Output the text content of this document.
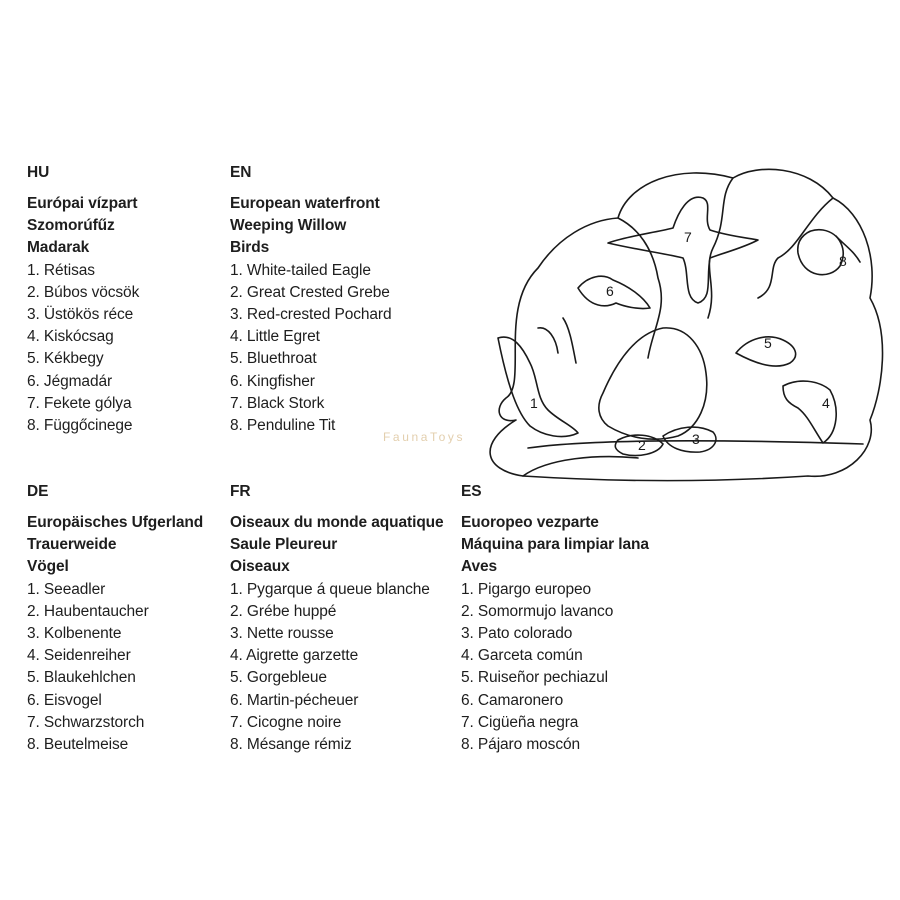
HU
Európai vízpart
Szomorúfűz
Madarak
1. Rétisas
2. Búbos vöcsök
3. Üstökös réce
4. Kiskócsag
5. Kékbegy
6. Jégmadár
7. Fekete gólya
8. Függőcinege
EN
European waterfront
Weeping Willow
Birds
1. White-tailed Eagle
2. Great Crested Grebe
3. Red-crested Pochard
4. Little Egret
5. Bluethroat
6. Kingfisher
7. Black Stork
8. Penduline Tit
DE
Europäisches Ufgerland
Trauerweide
Vögel
1. Seeadler
2. Haubentaucher
3. Kolbenente
4. Seidenreiher
5. Blaukehlchen
6. Eisvogel
7. Schwarzstorch
8. Beutelmeise
FR
Oiseaux du monde aquatique
Saule Pleureur
Oiseaux
1. Pygarque á queue blanche
2. Grébe huppé
3. Nette rousse
4. Aigrette garzette
5. Gorgebleue
6. Martin-pécheuer
7. Cicogne noire
8. Mésange rémiz
ES
Euoropeo vezparte
Máquina para limpiar lana
Aves
1. Pigargo europeo
2. Somormujo lavanco
3. Pato colorado
4. Garceta común
5. Ruiseñor pechiazul
6. Camaronero
7. Cigüeña negra
8. Pájaro moscón
1
2	3
4
5
6
7
8
FaunaToys
